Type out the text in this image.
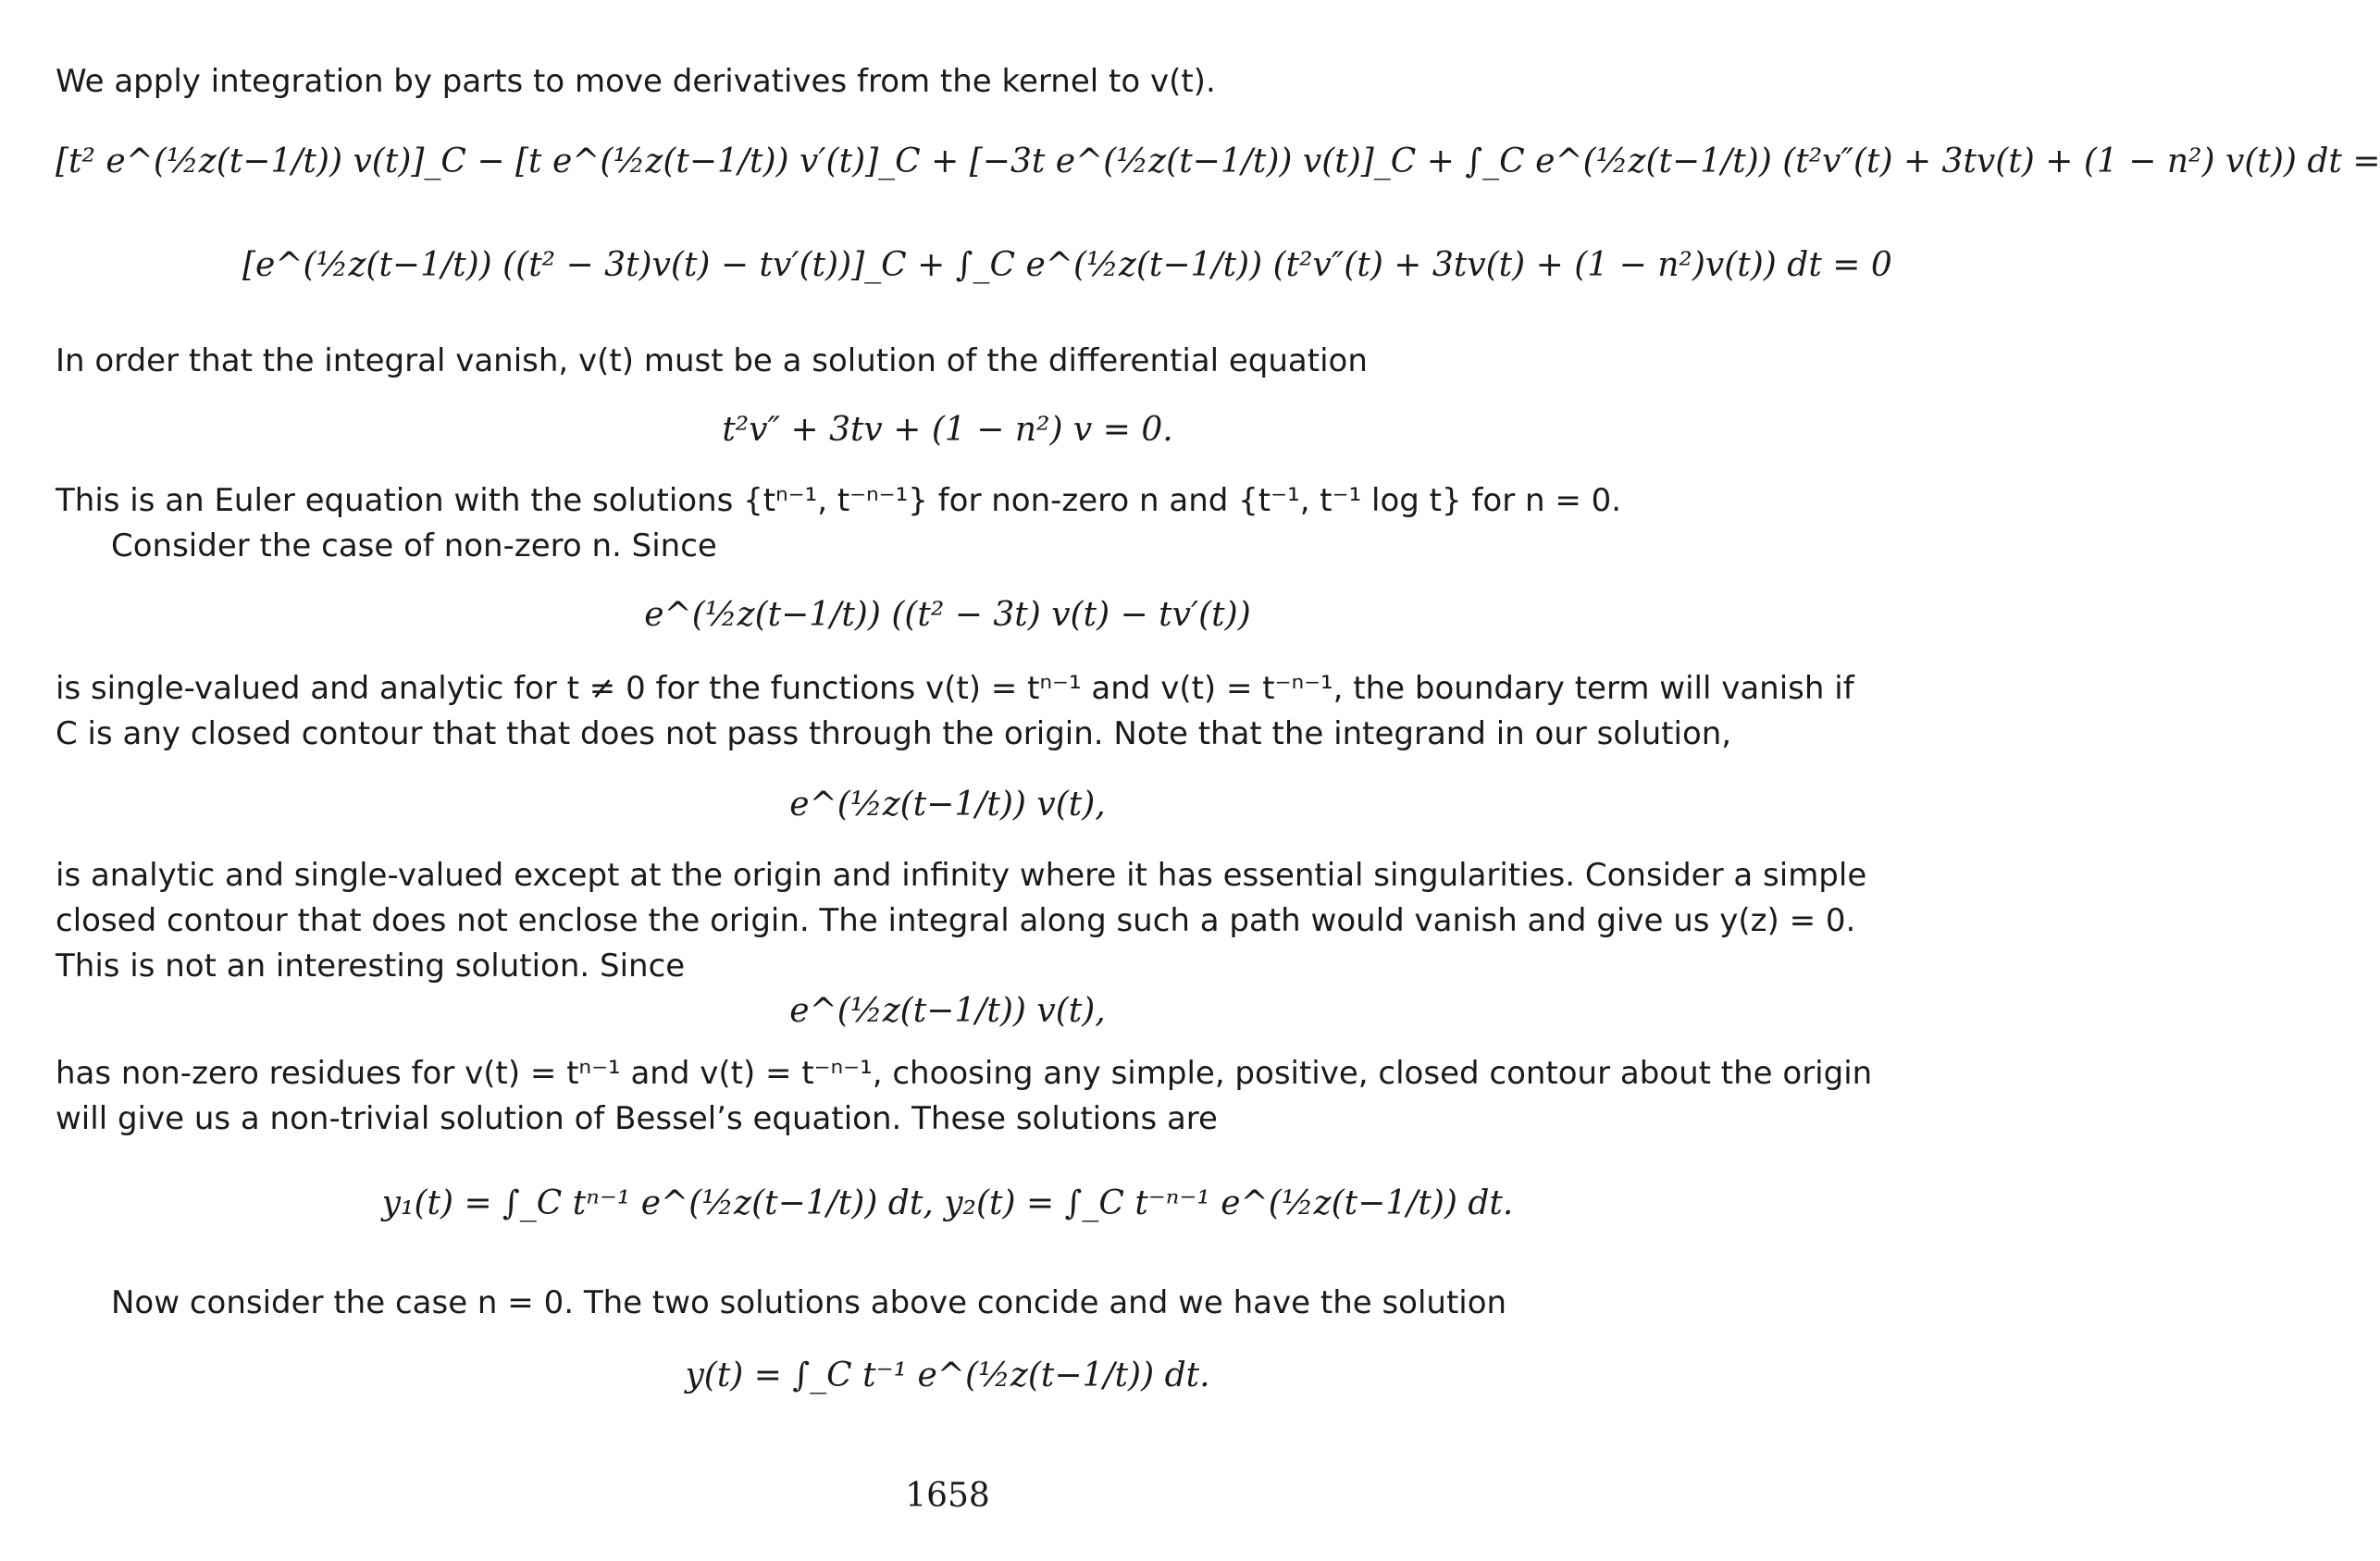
We apply integration by parts to move derivatives from the kernel to v(t).
[t² e^(½z(t−1/t)) v(t)]_C − [t e^(½z(t−1/t)) v′(t)]_C + [−3t e^(½z(t−1/t)) v(t)]_C + ∫_C e^(½z(t−1/t)) (t²v″(t) + 3tv(t) + (1 − n²) v(t)) dt =
[e^(½z(t−1/t)) ((t² − 3t)v(t) − tv′(t))]_C + ∫_C e^(½z(t−1/t)) (t²v″(t) + 3tv(t) + (1 − n²)v(t)) dt = 0
In order that the integral vanish, v(t) must be a solution of the differential equation
t²v″ + 3tv + (1 − n²) v = 0.
This is an Euler equation with the solutions {tⁿ⁻¹, t⁻ⁿ⁻¹} for non-zero n and {t⁻¹, t⁻¹ log t} for n = 0.
Consider the case of non-zero n. Since
e^(½z(t−1/t)) ((t² − 3t) v(t) − tv′(t))
is single-valued and analytic for t ≠ 0 for the functions v(t) = tⁿ⁻¹ and v(t) = t⁻ⁿ⁻¹, the boundary term will vanish if
C is any closed contour that that does not pass through the origin. Note that the integrand in our solution,
e^(½z(t−1/t)) v(t),
is analytic and single-valued except at the origin and infinity where it has essential singularities. Consider a simple
closed contour that does not enclose the origin. The integral along such a path would vanish and give us y(z) = 0.
This is not an interesting solution. Since
e^(½z(t−1/t)) v(t),
has non-zero residues for v(t) = tⁿ⁻¹ and v(t) = t⁻ⁿ⁻¹, choosing any simple, positive, closed contour about the origin
will give us a non-trivial solution of Bessel’s equation. These solutions are
y₁(t) = ∫_C tⁿ⁻¹ e^(½z(t−1/t)) dt, y₂(t) = ∫_C t⁻ⁿ⁻¹ e^(½z(t−1/t)) dt.
Now consider the case n = 0. The two solutions above concide and we have the solution
y(t) = ∫_C t⁻¹ e^(½z(t−1/t)) dt.
1658
